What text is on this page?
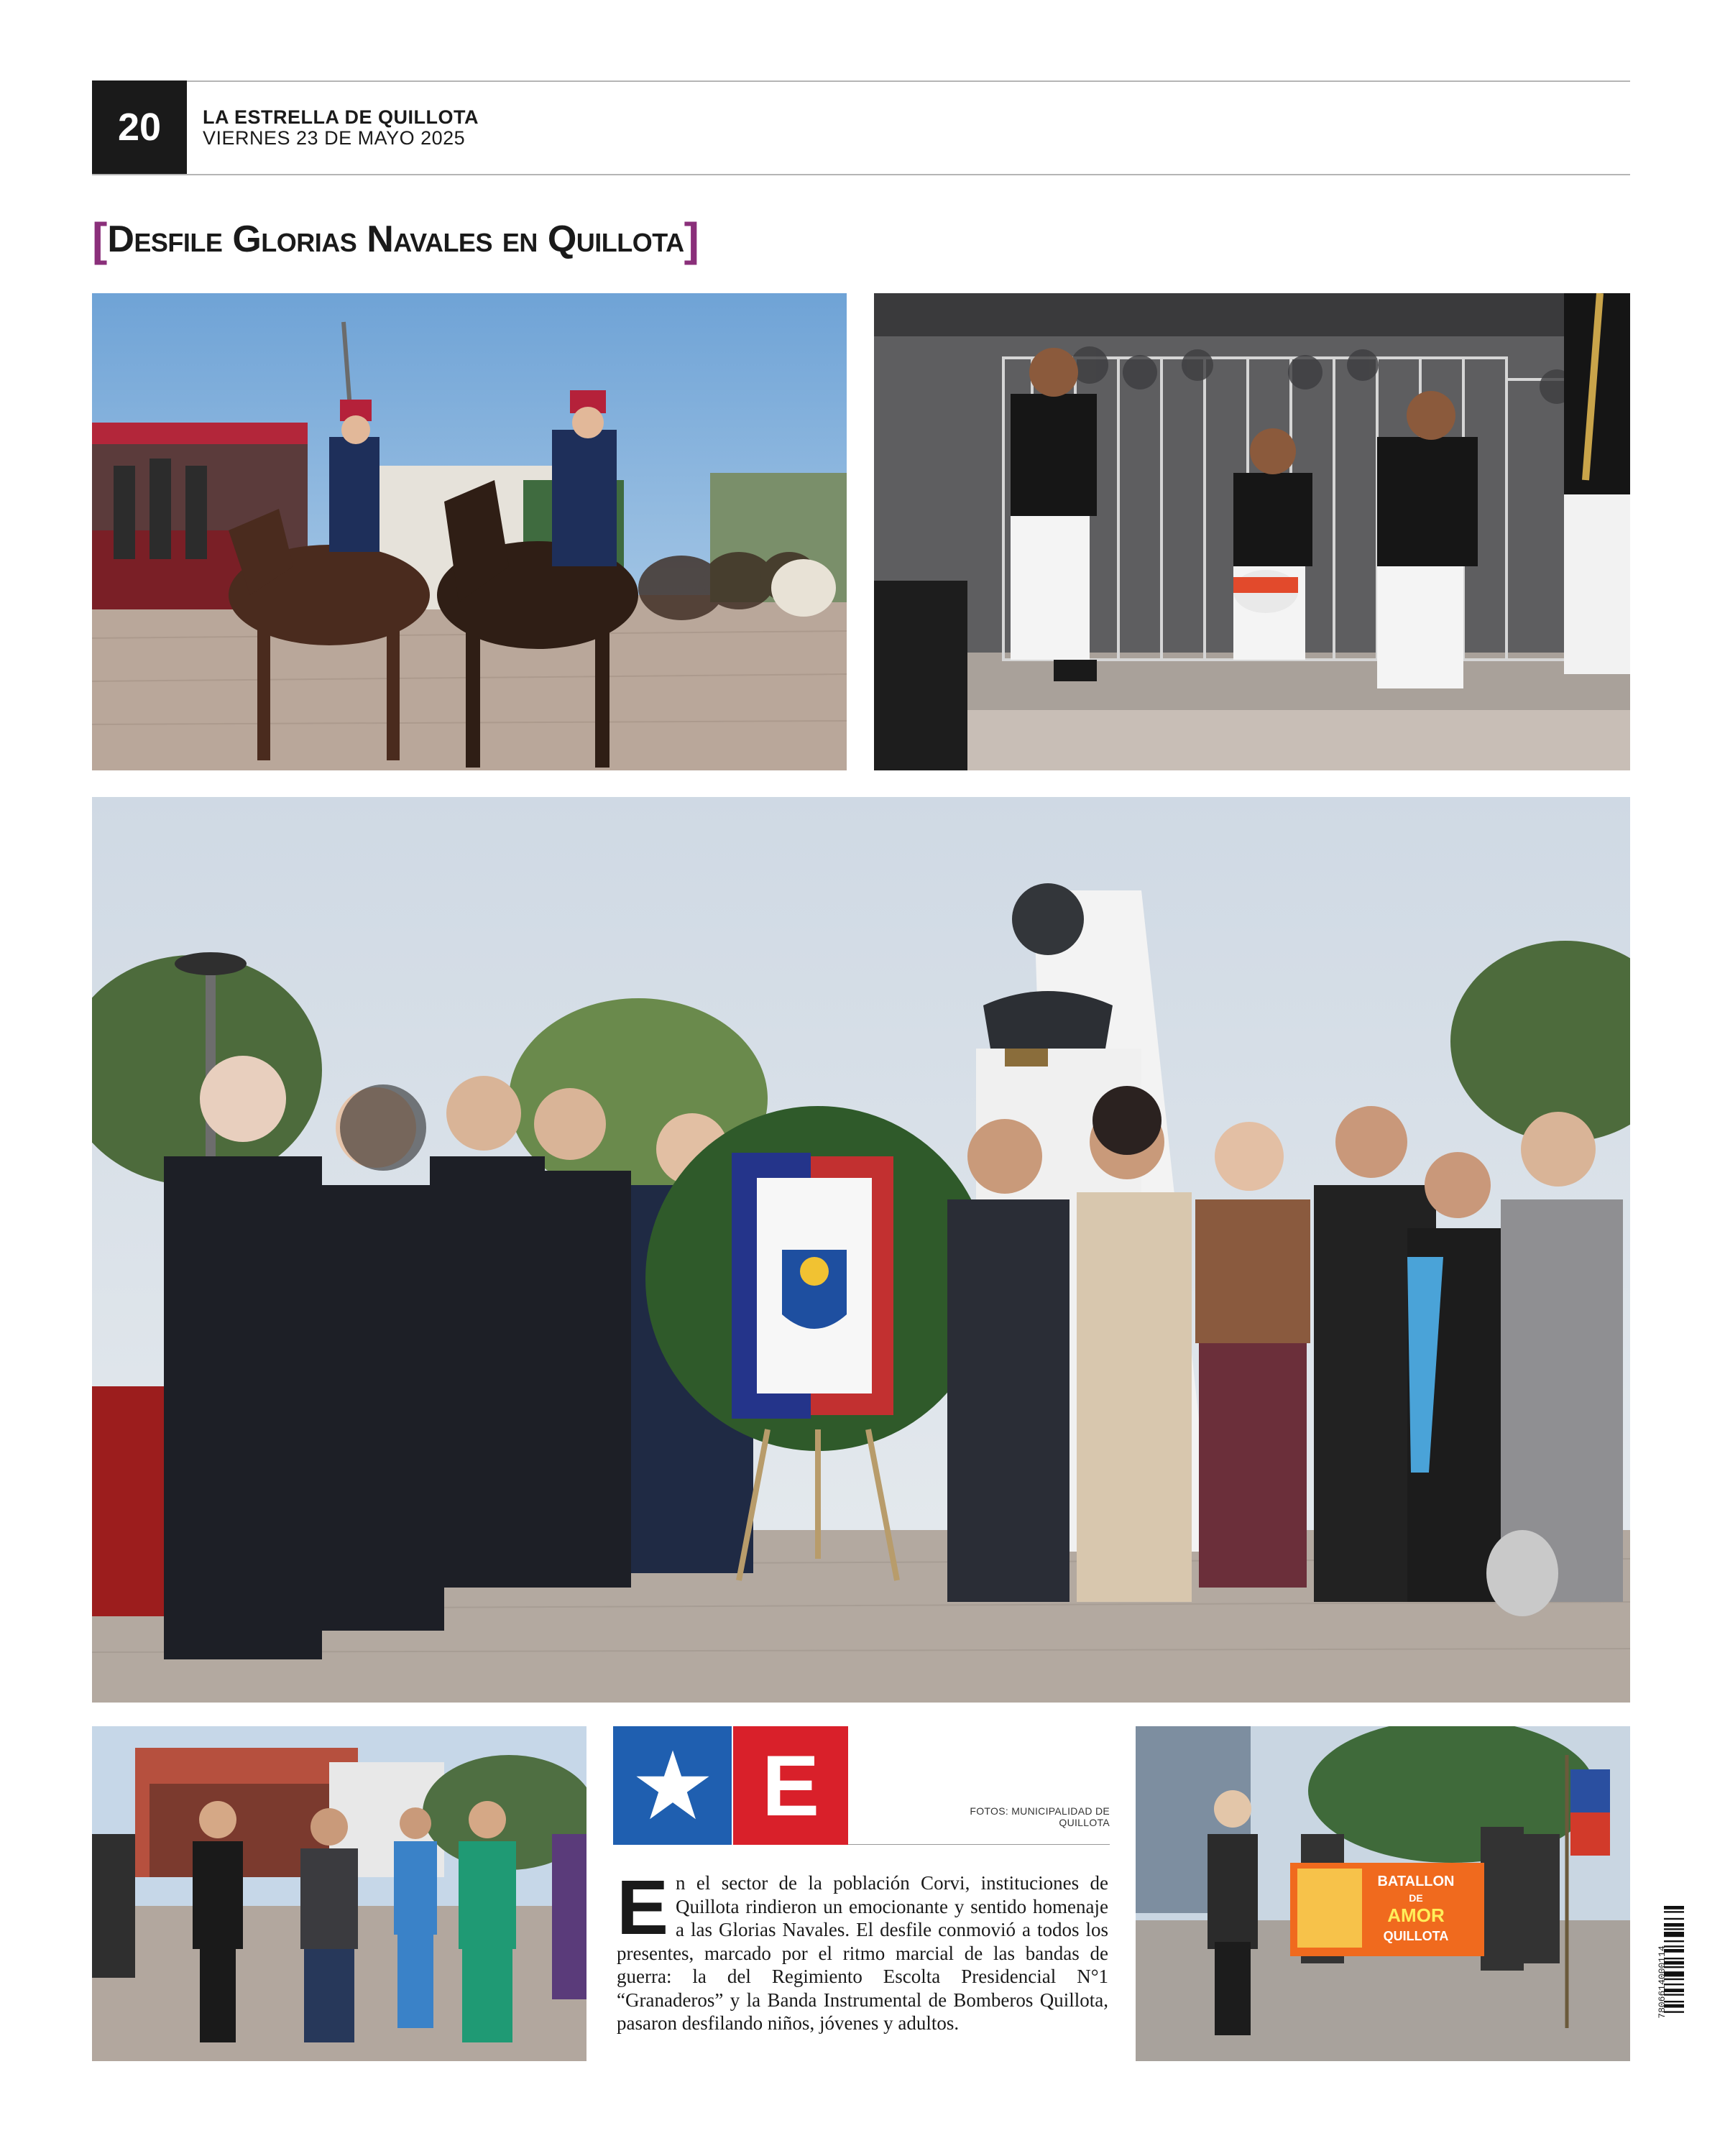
20	LA ESTRELLA DE QUILLOTA
VIERNES 23 DE MAYO 2025
[ Desfile Glorias Navales en Quillota ]
E	FOTOS: MUNICIPALIDAD DE QUILLOTA
En el sector de la población Corvi, instituciones de Quillota rindieron un emocionante y sentido homenaje a las Glorias Navales. El desfile conmovió a todos los presentes, marcado por el ritmo marcial de las bandas de guerra: la del Regimiento Escolta Presidencial N°1 “Granaderos” y la Banda Instrumental de Bomberos Quillota, pasaron desfilando niños, jóvenes y adultos.
BATALLON
DE
AMOR
QUILLOTA
7806614000114
